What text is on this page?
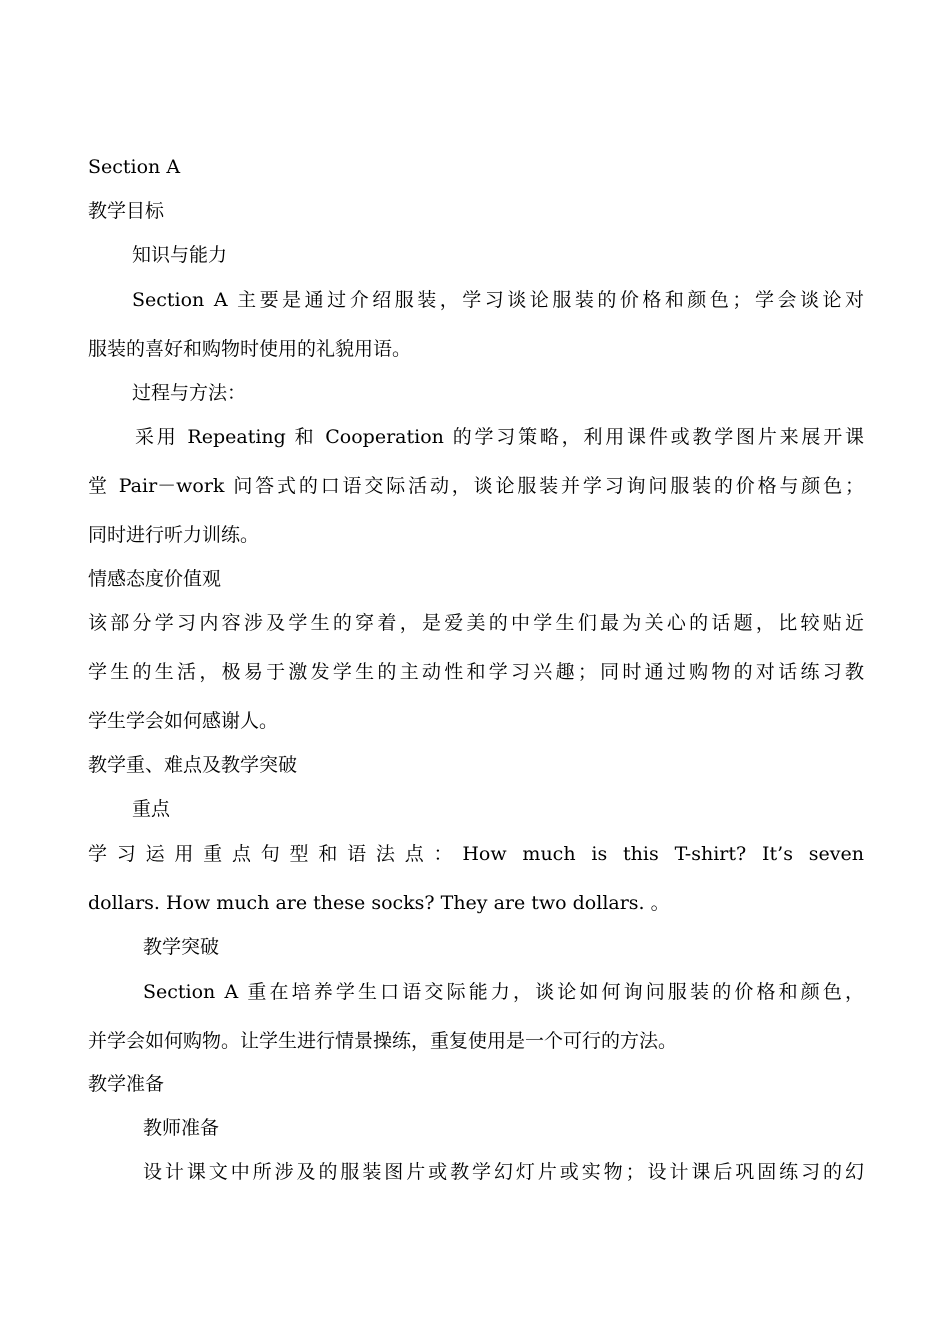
Section A
教学目标
知识与能力
Section A 主要是通过介绍服装，学习谈论服装的价格和颜色；学会谈论对
服装的喜好和购物时使用的礼貌用语。
过程与方法：
采用 Repeating 和 Cooperation 的学习策略，利用课件或教学图片来展开课
堂 Pair－work 问答式的口语交际活动，谈论服装并学习询问服装的价格与颜色；
同时进行听力训练。
情感态度价值观
该部分学习内容涉及学生的穿着，是爱美的中学生们最为关心的话题，比较贴近
学生的生活，极易于激发学生的主动性和学习兴趣；同时通过购物的对话练习教
学生学会如何感谢人。
教学重、难点及教学突破
重点
学习运用重点句型和语法点：How much is this T-shirt? It’s seven
dollars. How much are these socks? They are two dollars. 。
教学突破
Section A 重在培养学生口语交际能力，谈论如何询问服装的价格和颜色，
并学会如何购物。让学生进行情景操练，重复使用是一个可行的方法。
教学准备
教师准备
设计课文中所涉及的服装图片或教学幻灯片或实物；设计课后巩固练习的幻
